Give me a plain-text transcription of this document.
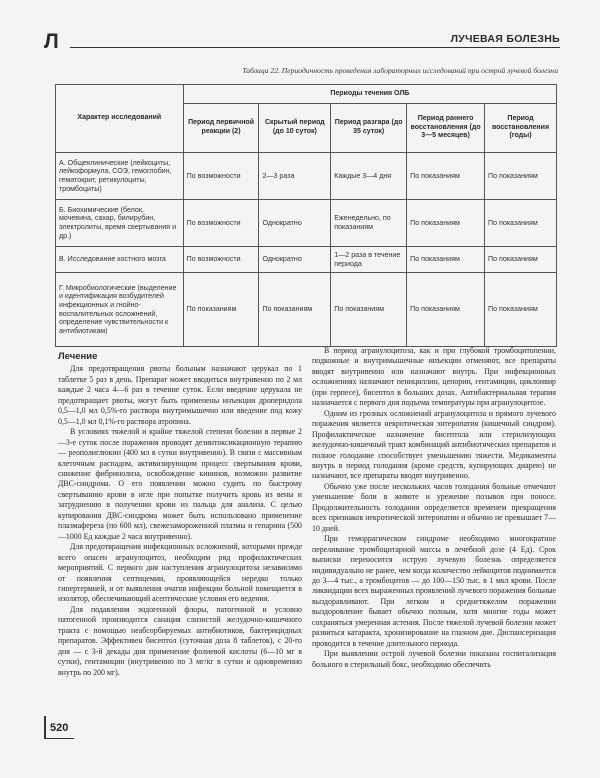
Л	ЛУЧЕВАЯ БОЛЕЗНЬ
Таблица 22. Периодичность проведения лабораторных исследований при острой лучевой болезни
Характер исследований	Периоды течения ОЛБ				
	Период первичной реакции (2)	Скрытый период (до 10 суток)	Период разгара (до 35 суток)	Период раннего восстановления (до 3—5 месяцев)	Период восстановления (годы)
А. Общеклинические (лейкоциты, лейкоформула, СОЭ, гемоглобин, гематокрит, ретикулоциты, тромбоциты)	По возможности	2—3 раза	Каждые 3—4 дня	По показаниям	По показаниям
Б. Биохимические (белок, мочевина, сахар, билирубин, электролиты, время свертывания и др.)	По возможности	Однократно	Еженедельно, по показаниям	По показаниям	По показаниям
В. Исследование костного мозга	По возможности	Однократно	1—2 раза в течение периода	По показаниям	По показаниям
Г. Микробиологические (выделение и идентификация возбудителей инфекционных и гнойно-воспалительных осложнений, определение чувствительности к антибиотикам)	По показаниям	По показаниям	По показаниям	По показаниям	По показаниям
Лечение

Для предотвращения рвоты больным назначают церукал по 1 таблетке 5 раз в день. Препарат может вводиться внутривенно по 2 мл каждые 2 часа 4—6 раз в течение суток. Если введение церукала не предотвращает рвоты, могут быть применены инъекции дроперидола 0,5—1,0 мл 0,5%-го раствора внутримышечно или введение под кожу 0,5—1,0 мл 0,1%-го раствора атропина.

В условиях тяжелой и крайне тяжелой степени болезни в первые 2—3-е суток после поражения проводят дезинтоксикационную терапию — реополиглюкин (400 мл в сутки внутривенно). В связи с массивным клеточным распадом, активизирующим процесс свертывания крови, снижение фибринолиза, освобождение кининов, возможно развитие ДВС-синдрома. О его появлении можно судить по быстрому свертыванию крови в игле при попытке получить кровь из вены и затруднению в получении крови из пальца для анализа. С целью купирования ДВС-синдрома может быть использовано применение плазмафереза (по 600 мл), свежезамороженной плазмы и гепарина (500—1000 Ед каждые 2 часа внутривенно).

Для предотвращения инфекционных осложнений, которыми прежде всего опасен агранулоцитоз, необходим ряд профилактических мероприятий. С первого дня наступления агранулоцитоза независимо от появления септицемии, проявляющейся нередко только гипертермией, и от выявления очагов инфекции больной помещается в изолятор, обеспечивающий асептические условия его ведения.

Для подавления эндогенной флоры, патогенной и условно патогенной производится санация слизистой желудочно-кишечного тракта с помощью неабсорбируемых антибиотиков, бактерицидных препаратов. Эффективен бисептол (суточная доза 8 таблеток), с 20-го дня — с 3-й декады дня применение фолиевой кислоты (6—10 мг в сутки), гентамицин (внутривенно по 3 мг/кг в сутки и одновременно внутрь по 200 мг).

В период агранулоцитоза, как и при глубокой тромбоцитопении, подкожные и внутримышечные инъекции отменяют, все препараты вводят внутривенно или назначают внутрь. При инфекционных осложнениях назначают пенициллин, цепорин, гентамицин, циклоивир (при герпесе), бисептол в больших дозах. Антибактериальная терапия назначается с первого дня подъема температуры при агранулоцитозе.

Одним из грозных осложнений агранулоцитоза и прямого лучевого поражения является некротическая энтеропатия (кишечный синдром). Профилактическое назначение бисептола или стерилизующих желудочно-кишечный тракт комбинаций антибиотических препаратов и полное голодание способствует уменьшению тяжести. Медикаменты внутрь в период голодания (кроме средств, купирующих диарею) не назначают, все препараты вводят внутривенно.

Обычно уже после нескольких часов голодания больные отмечают уменьшение боли в животе и урежение позывов при поносе. Продолжительность голодания определяется временем прекращения всех признаков некротической энтеропатии и обычно не превышает 7—10 дней.

При геморрагическом синдроме необходимо многократное переливание тромбоцитарной массы в лечебной дозе (4 Ед). Срок выписки переносится острую лучевую болезнь определяется индивидуально не ранее, чем когда количество лейкоцитов поднимается до 3—4 тыс., а тромбоцитов — до 100—150 тыс. в 1 мкл крови. После ликвидации всех выраженных проявлений лучевого поражения больные выздоравливают. При легком и среднетяжелом поражении выздоровление бывает обычно полным, хотя многие годы может сохраняться умеренная астения. После тяжелой лучевой болезни может развиться катаракта, хронизирование на глазном дне. Диспансеризация проводится в течение длительного периода.

При выявлении острой лучевой болезни показана госпитализация больного в стерильный бокс, необходимо обеспечить

520
